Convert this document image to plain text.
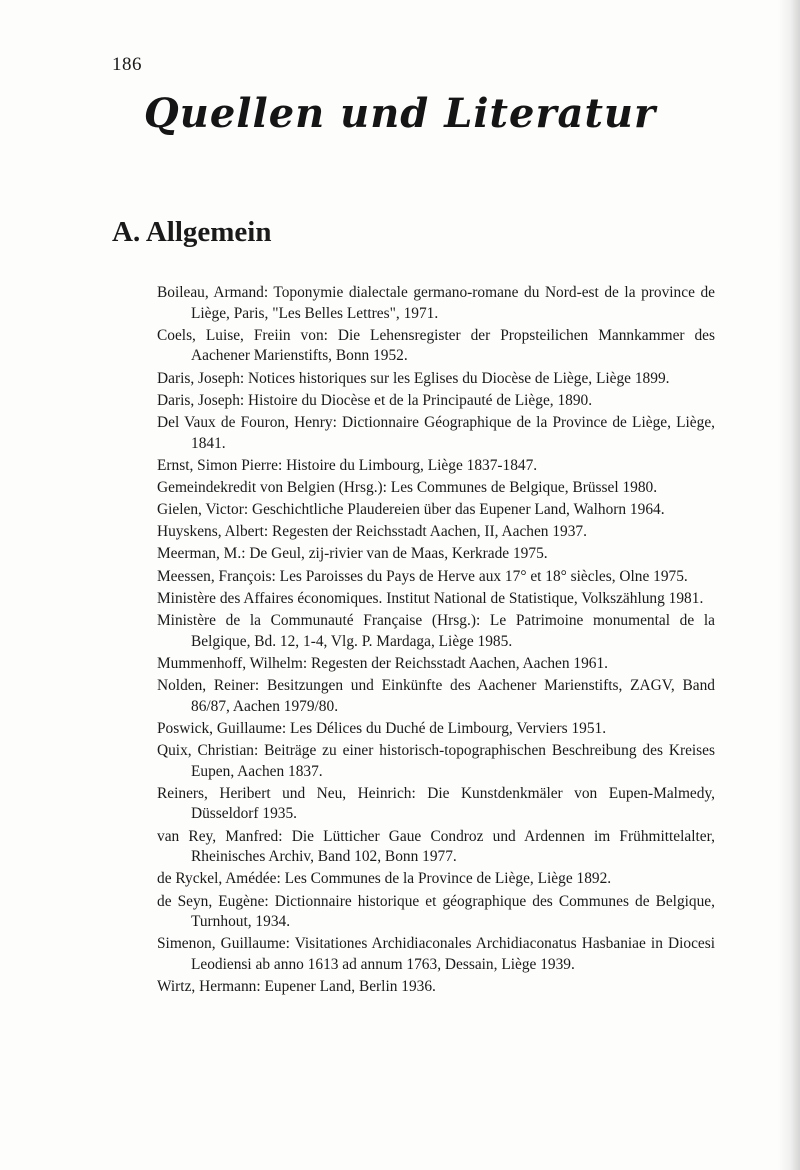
186
Quellen und Literatur
A. Allgemein
Boileau, Armand: Toponymie dialectale germano-romane du Nord-est de la province de Liège, Paris, "Les Belles Lettres", 1971.
Coels, Luise, Freiin von: Die Lehensregister der Propsteilichen Mannkammer des Aachener Marienstifts, Bonn 1952.
Daris, Joseph: Notices historiques sur les Eglises du Diocèse de Liège, Liège 1899.
Daris, Joseph: Histoire du Diocèse et de la Principauté de Liège, 1890.
Del Vaux de Fouron, Henry: Dictionnaire Géographique de la Province de Liège, Liège, 1841.
Ernst, Simon Pierre: Histoire du Limbourg, Liège 1837-1847.
Gemeindekredit von Belgien (Hrsg.): Les Communes de Belgique, Brüssel 1980.
Gielen, Victor: Geschichtliche Plaudereien über das Eupener Land, Walhorn 1964.
Huyskens, Albert: Regesten der Reichsstadt Aachen, II, Aachen 1937.
Meerman, M.: De Geul, zij-rivier van de Maas, Kerkrade 1975.
Meessen, François: Les Paroisses du Pays de Herve aux 17° et 18° siècles, Olne 1975.
Ministère des Affaires économiques. Institut National de Statistique, Volkszählung 1981.
Ministère de la Communauté Française (Hrsg.): Le Patrimoine monumental de la Belgique, Bd. 12, 1-4, Vlg. P. Mardaga, Liège 1985.
Mummenhoff, Wilhelm: Regesten der Reichsstadt Aachen, Aachen 1961.
Nolden, Reiner: Besitzungen und Einkünfte des Aachener Marienstifts, ZAGV, Band 86/87, Aachen 1979/80.
Poswick, Guillaume: Les Délices du Duché de Limbourg, Verviers 1951.
Quix, Christian: Beiträge zu einer historisch-topographischen Beschreibung des Kreises Eupen, Aachen 1837.
Reiners, Heribert und Neu, Heinrich: Die Kunstdenkmäler von Eupen-Malmedy, Düsseldorf 1935.
van Rey, Manfred: Die Lütticher Gaue Condroz und Ardennen im Frühmittelalter, Rheinisches Archiv, Band 102, Bonn 1977.
de Ryckel, Amédée: Les Communes de la Province de Liège, Liège 1892.
de Seyn, Eugène: Dictionnaire historique et géographique des Communes de Belgique, Turnhout, 1934.
Simenon, Guillaume: Visitationes Archidiaconales Archidiaconatus Hasbaniae in Diocesi Leodiensi ab anno 1613 ad annum 1763, Dessain, Liège 1939.
Wirtz, Hermann: Eupener Land, Berlin 1936.
